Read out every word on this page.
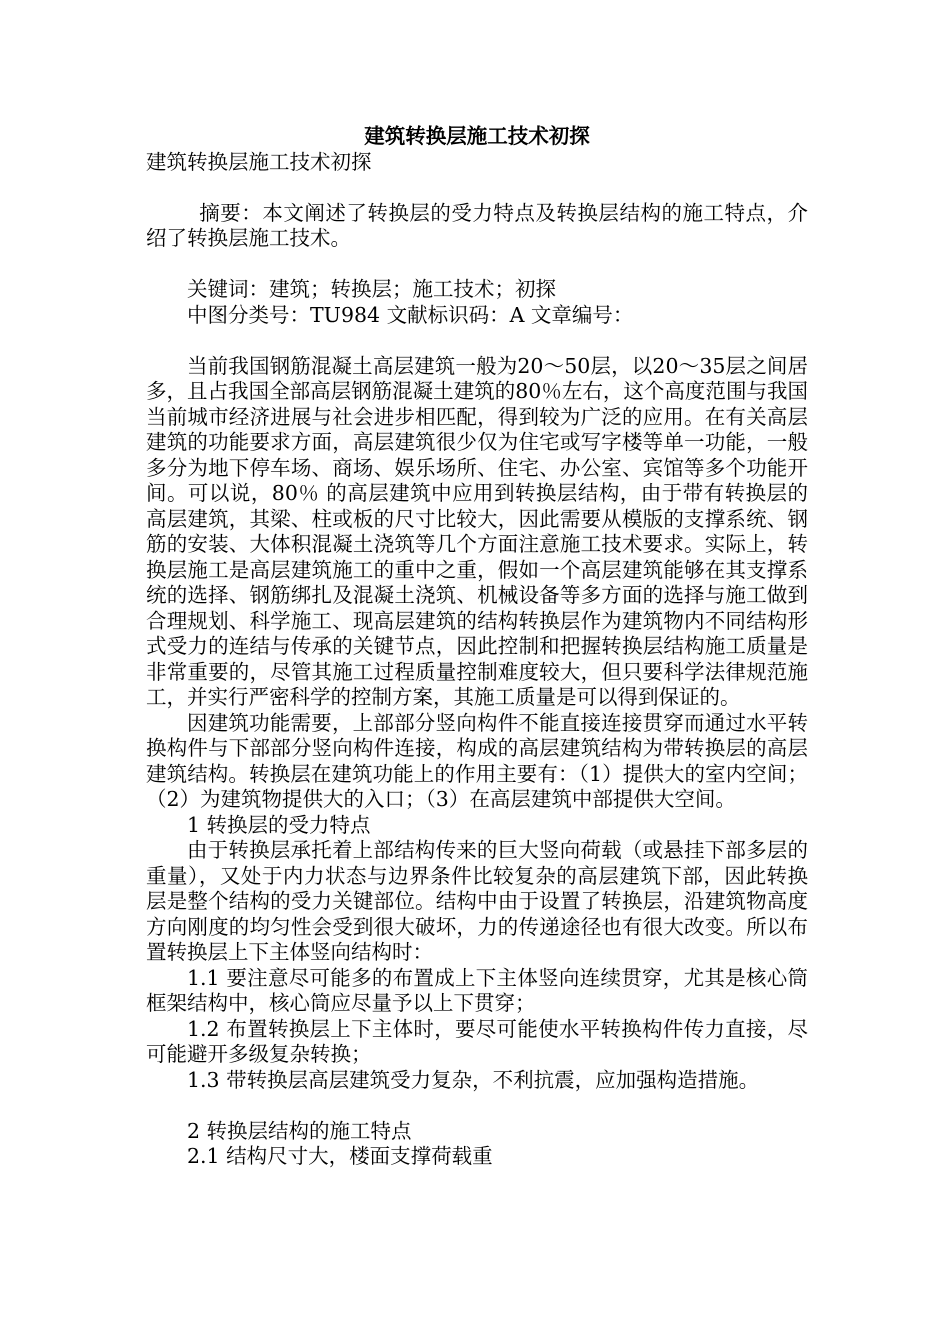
建筑转换层施工技术初探

建筑转换层施工技术初探

摘要：本文阐述了转换层的受力特点及转换层结构的施工特点，介绍了转换层施工技术。

关键词：建筑；转换层；施工技术；初探

中图分类号：TU984 文献标识码：A 文章编号：

当前我国钢筋混凝土高层建筑一般为20～50层，以20～35层之间居多，且占我国全部高层钢筋混凝土建筑的80％左右，这个高度范围与我国当前城市经济进展与社会进步相匹配，得到较为广泛的应用。在有关高层建筑的功能要求方面，高层建筑很少仅为住宅或写字楼等单一功能，一般多分为地下停车场、商场、娱乐场所、住宅、办公室、宾馆等多个功能开间。可以说，80％ 的高层建筑中应用到转换层结构，由于带有转换层的高层建筑，其梁、柱或板的尺寸比较大，因此需要从模版的支撑系统、钢筋的安装、大体积混凝土浇筑等几个方面注意施工技术要求。实际上，转换层施工是高层建筑施工的重中之重，假如一个高层建筑能够在其支撑系统的选择、钢筋绑扎及混凝土浇筑、机械设备等多方面的选择与施工做到合理规划、科学施工、现高层建筑的结构转换层作为建筑物内不同结构形式受力的连结与传承的关键节点，因此控制和把握转换层结构施工质量是非常重要的，尽管其施工过程质量控制难度较大，但只要科学法律规范施工，并实行严密科学的控制方案，其施工质量是可以得到保证的。

因建筑功能需要，上部部分竖向构件不能直接连接贯穿而通过水平转换构件与下部部分竖向构件连接，构成的高层建筑结构为带转换层的高层建筑结构。转换层在建筑功能上的作用主要有：（1）提供大的室内空间；（2）为建筑物提供大的入口；（3）在高层建筑中部提供大空间。

1 转换层的受力特点

由于转换层承托着上部结构传来的巨大竖向荷载（或悬挂下部多层的重量），又处于内力状态与边界条件比较复杂的高层建筑下部，因此转换层是整个结构的受力关键部位。结构中由于设置了转换层，沿建筑物高度方向刚度的均匀性会受到很大破坏，力的传递途径也有很大改变。所以布置转换层上下主体竖向结构时：

1.1 要注意尽可能多的布置成上下主体竖向连续贯穿，尤其是核心筒框架结构中，核心筒应尽量予以上下贯穿；

1.2 布置转换层上下主体时，要尽可能使水平转换构件传力直接，尽可能避开多级复杂转换；

1.3 带转换层高层建筑受力复杂，不利抗震，应加强构造措施。

2 转换层结构的施工特点

2.1 结构尺寸大，楼面支撑荷载重
